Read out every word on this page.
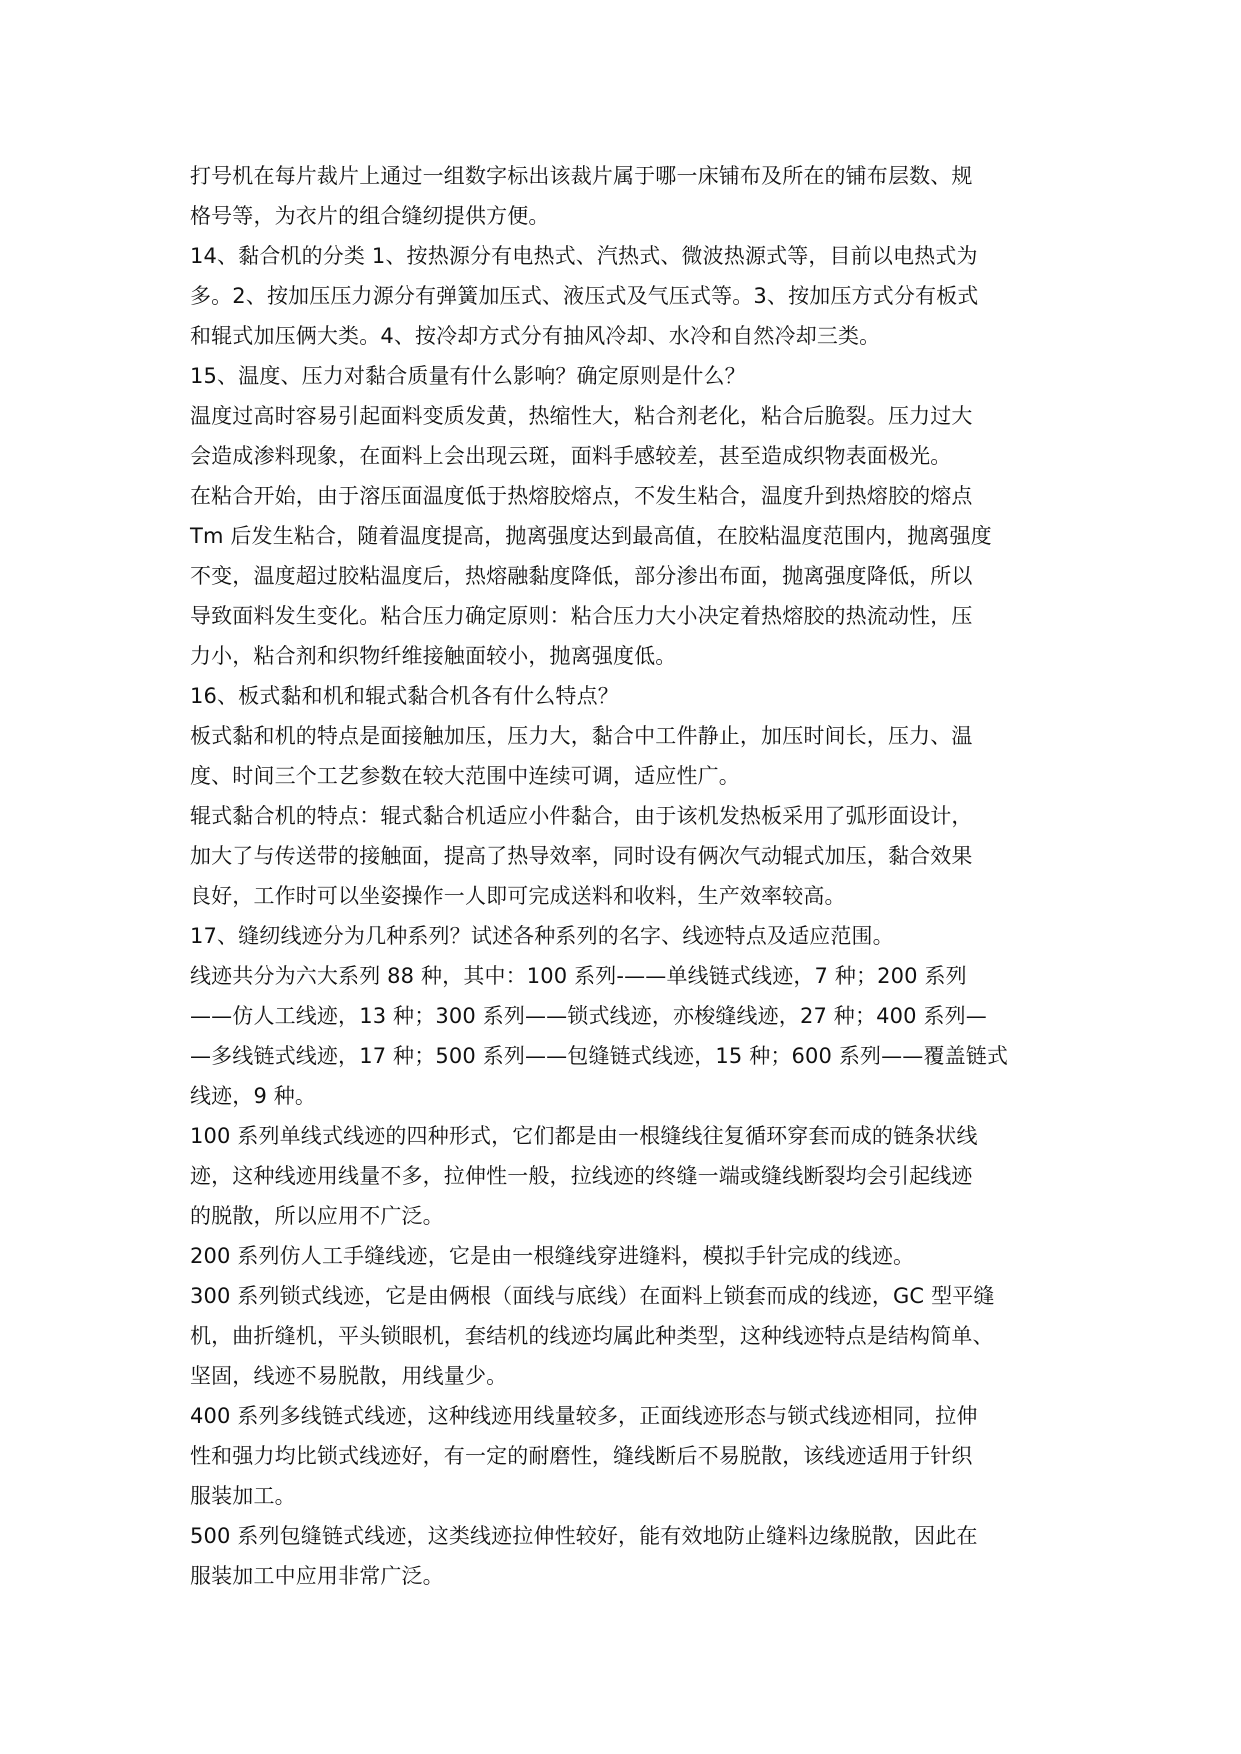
打号机在每片裁片上通过一组数字标出该裁片属于哪一床铺布及所在的铺布层数、规
格号等，为衣片的组合缝纫提供方便。
14、黏合机的分类 1、按热源分有电热式、汽热式、微波热源式等，目前以电热式为
多。2、按加压压力源分有弹簧加压式、液压式及气压式等。3、按加压方式分有板式
和辊式加压俩大类。4、按冷却方式分有抽风冷却、水冷和自然冷却三类。
15、温度、压力对黏合质量有什么影响？确定原则是什么？
温度过高时容易引起面料变质发黄，热缩性大，粘合剂老化，粘合后脆裂。压力过大
会造成渗料现象，在面料上会出现云斑，面料手感较差，甚至造成织物表面极光。
在粘合开始，由于溶压面温度低于热熔胶熔点，不发生粘合，温度升到热熔胶的熔点
Tm 后发生粘合，随着温度提高，抛离强度达到最高值，在胶粘温度范围内，抛离强度
不变，温度超过胶粘温度后，热熔融黏度降低，部分渗出布面，抛离强度降低，所以
导致面料发生变化。粘合压力确定原则：粘合压力大小决定着热熔胶的热流动性，压
力小，粘合剂和织物纤维接触面较小，抛离强度低。
16、板式黏和机和辊式黏合机各有什么特点？
板式黏和机的特点是面接触加压，压力大，黏合中工件静止，加压时间长，压力、温
度、时间三个工艺参数在较大范围中连续可调，适应性广。
辊式黏合机的特点：辊式黏合机适应小件黏合，由于该机发热板采用了弧形面设计，
加大了与传送带的接触面，提高了热导效率，同时设有俩次气动辊式加压，黏合效果
良好，工作时可以坐姿操作一人即可完成送料和收料，生产效率较高。
17、缝纫线迹分为几种系列？试述各种系列的名字、线迹特点及适应范围。
线迹共分为六大系列 88 种，其中：100 系列-——单线链式线迹，7 种；200 系列
——仿人工线迹，13 种；300 系列——锁式线迹，亦梭缝线迹，27 种；400 系列—
—多线链式线迹，17 种；500 系列——包缝链式线迹，15 种；600 系列——覆盖链式
线迹，9 种。
100 系列单线式线迹的四种形式，它们都是由一根缝线往复循环穿套而成的链条状线
迹，这种线迹用线量不多，拉伸性一般，拉线迹的终缝一端或缝线断裂均会引起线迹
的脱散，所以应用不广泛。
200 系列仿人工手缝线迹，它是由一根缝线穿进缝料，模拟手针完成的线迹。
300 系列锁式线迹，它是由俩根（面线与底线）在面料上锁套而成的线迹，GC 型平缝
机，曲折缝机，平头锁眼机，套结机的线迹均属此种类型，这种线迹特点是结构简单、
坚固，线迹不易脱散，用线量少。
400 系列多线链式线迹，这种线迹用线量较多，正面线迹形态与锁式线迹相同，拉伸
性和强力均比锁式线迹好，有一定的耐磨性，缝线断后不易脱散，该线迹适用于针织
服装加工。
500 系列包缝链式线迹，这类线迹拉伸性较好，能有效地防止缝料边缘脱散，因此在
服装加工中应用非常广泛。
